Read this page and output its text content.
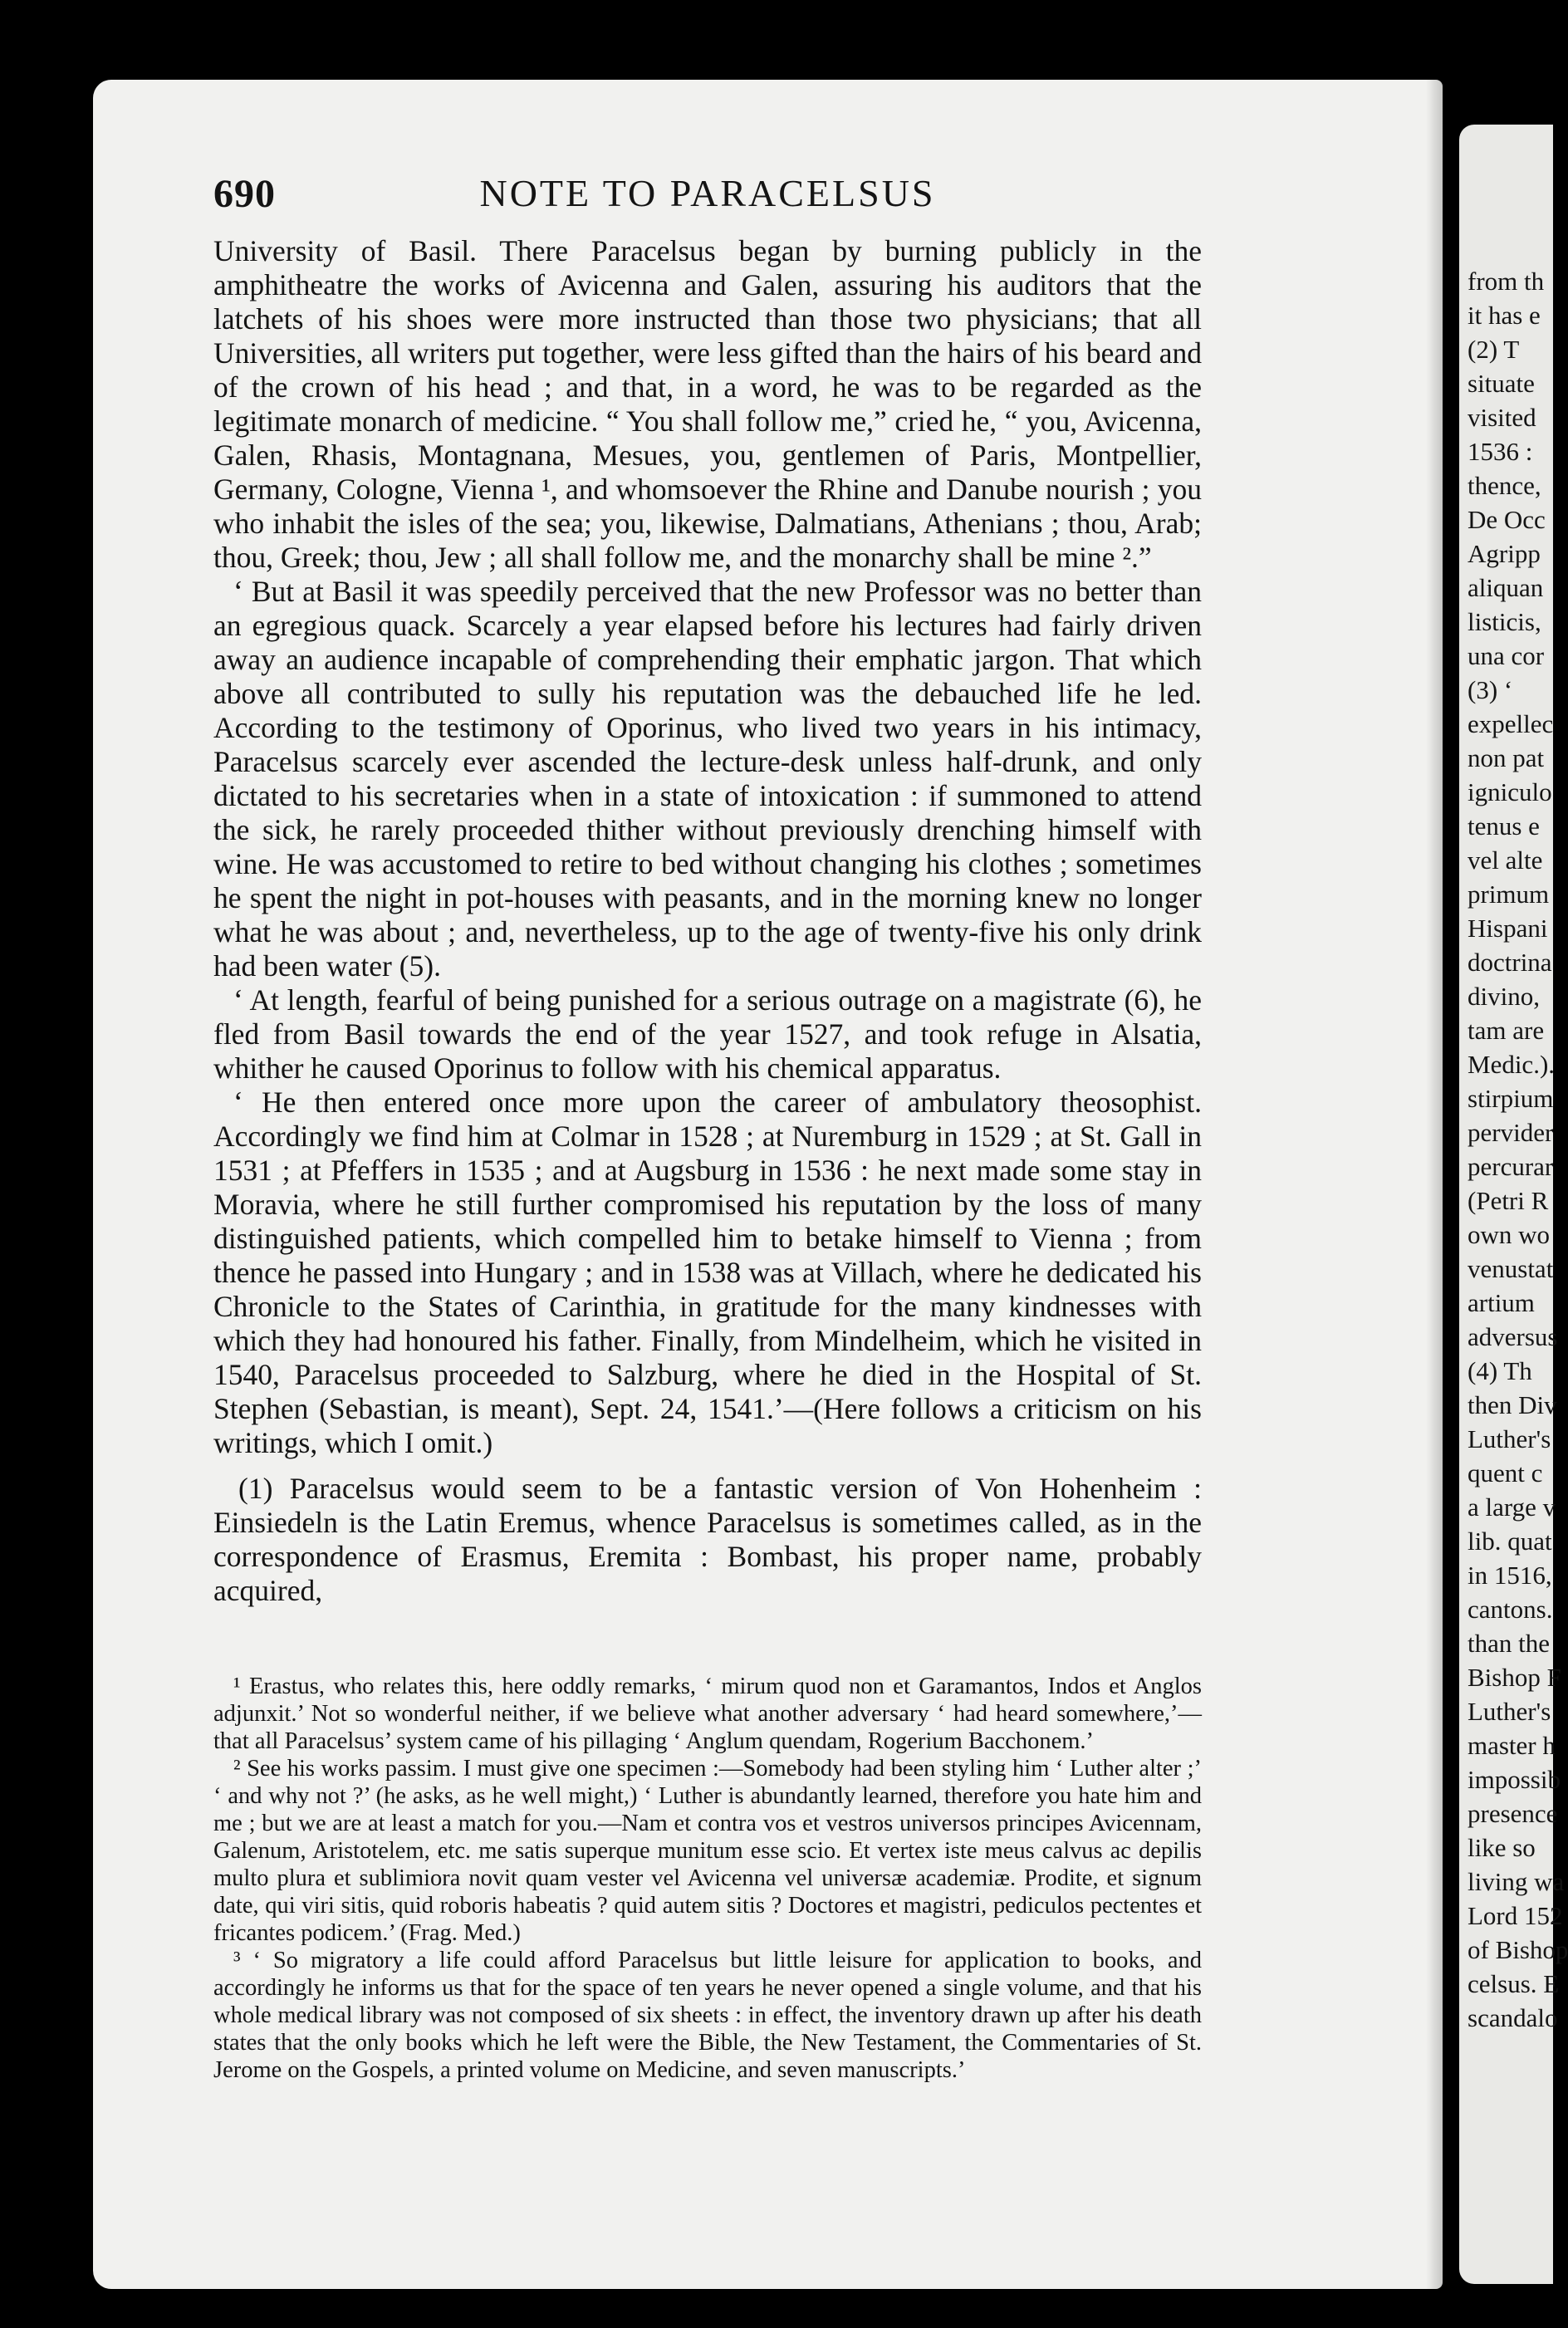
690	NOTE TO PARACELSUS

University of Basil. There Paracelsus began by burning publicly in the amphitheatre the works of Avicenna and Galen, assuring his auditors that the latchets of his shoes were more instructed than those two physicians; that all Universities, all writers put together, were less gifted than the hairs of his beard and of the crown of his head ; and that, in a word, he was to be regarded as the legitimate monarch of medicine. “ You shall follow me,” cried he, “ you, Avicenna, Galen, Rhasis, Montagnana, Mesues, you, gentlemen of Paris, Montpellier, Germany, Cologne, Vienna ¹, and whomsoever the Rhine and Danube nourish ; you who inhabit the isles of the sea; you, likewise, Dalmatians, Athenians ; thou, Arab; thou, Greek; thou, Jew ; all shall follow me, and the monarchy shall be mine ².”

‘ But at Basil it was speedily perceived that the new Professor was no better than an egregious quack. Scarcely a year elapsed before his lectures had fairly driven away an audience incapable of comprehending their emphatic jargon. That which above all contributed to sully his reputation was the debauched life he led. According to the testimony of Oporinus, who lived two years in his intimacy, Paracelsus scarcely ever ascended the lecture-desk unless half-drunk, and only dictated to his secretaries when in a state of intoxication : if summoned to attend the sick, he rarely proceeded thither without previously drenching himself with wine. He was accustomed to retire to bed without changing his clothes ; sometimes he spent the night in pot-houses with peasants, and in the morning knew no longer what he was about ; and, nevertheless, up to the age of twenty-five his only drink had been water (5).

‘ At length, fearful of being punished for a serious outrage on a magistrate (6), he fled from Basil towards the end of the year 1527, and took refuge in Alsatia, whither he caused Oporinus to follow with his chemical apparatus.

‘ He then entered once more upon the career of ambulatory theosophist. Accordingly we find him at Colmar in 1528 ; at Nuremburg in 1529 ; at St. Gall in 1531 ; at Pfeffers in 1535 ; and at Augsburg in 1536 : he next made some stay in Moravia, where he still further compromised his reputation by the loss of many distinguished patients, which compelled him to betake himself to Vienna ; from thence he passed into Hungary ; and in 1538 was at Villach, where he dedicated his Chronicle to the States of Carinthia, in gratitude for the many kindnesses with which they had honoured his father. Finally, from Mindelheim, which he visited in 1540, Paracelsus proceeded to Salzburg, where he died in the Hospital of St. Stephen (Sebastian, is meant), Sept. 24, 1541.’—(Here follows a criticism on his writings, which I omit.)

(1) Paracelsus would seem to be a fantastic version of Von Hohenheim : Einsiedeln is the Latin Eremus, whence Paracelsus is sometimes called, as in the correspondence of Erasmus, Eremita : Bombast, his proper name, probably acquired,

¹ Erastus, who relates this, here oddly remarks, ‘ mirum quod non et Garamantos, Indos et Anglos adjunxit.’ Not so wonderful neither, if we believe what another adversary ‘ had heard somewhere,’—that all Paracelsus’ system came of his pillaging ‘ Anglum quendam, Rogerium Bacchonem.’

² See his works passim. I must give one specimen :—Somebody had been styling him ‘ Luther alter ;’ ‘ and why not ?’ (he asks, as he well might,) ‘ Luther is abundantly learned, therefore you hate him and me ; but we are at least a match for you.—Nam et contra vos et vestros universos principes Avicennam, Galenum, Aristotelem, etc. me satis superque munitum esse scio. Et vertex iste meus calvus ac depilis multo plura et sublimiora novit quam vester vel Avicenna vel universæ academiæ. Prodite, et signum date, qui viri sitis, quid roboris habeatis ? quid autem sitis ? Doctores et magistri, pediculos pectentes et fricantes podicem.’ (Frag. Med.)

³ ‘ So migratory a life could afford Paracelsus but little leisure for application to books, and accordingly he informs us that for the space of ten years he never opened a single volume, and that his whole medical library was not composed of six sheets : in effect, the inventory drawn up after his death states that the only books which he left were the Bible, the New Testament, the Commentaries of St. Jerome on the Gospels, a printed volume on Medicine, and seven manuscripts.’

from th
it has e
(2) T
situate
visited
1536 :
thence,
De Occ
Agripp
aliquan
listicis,
una cor
(3) ‘
expellec
non pat
igniculo
tenus e
vel alte
primum
Hispani
doctrina
divino,
tam are
Medic.).
stirpium
pervider
percurar
(Petri R
own wo
venustat
artium
adversus
(4) Th
then Div
Luther's
quent c
a large v
lib. quat
in 1516,
cantons.
than the
Bishop F
Luther's
master h
impossib
presence
like so
living wa
Lord 152
of Bishop
celsus. E
scandalo
